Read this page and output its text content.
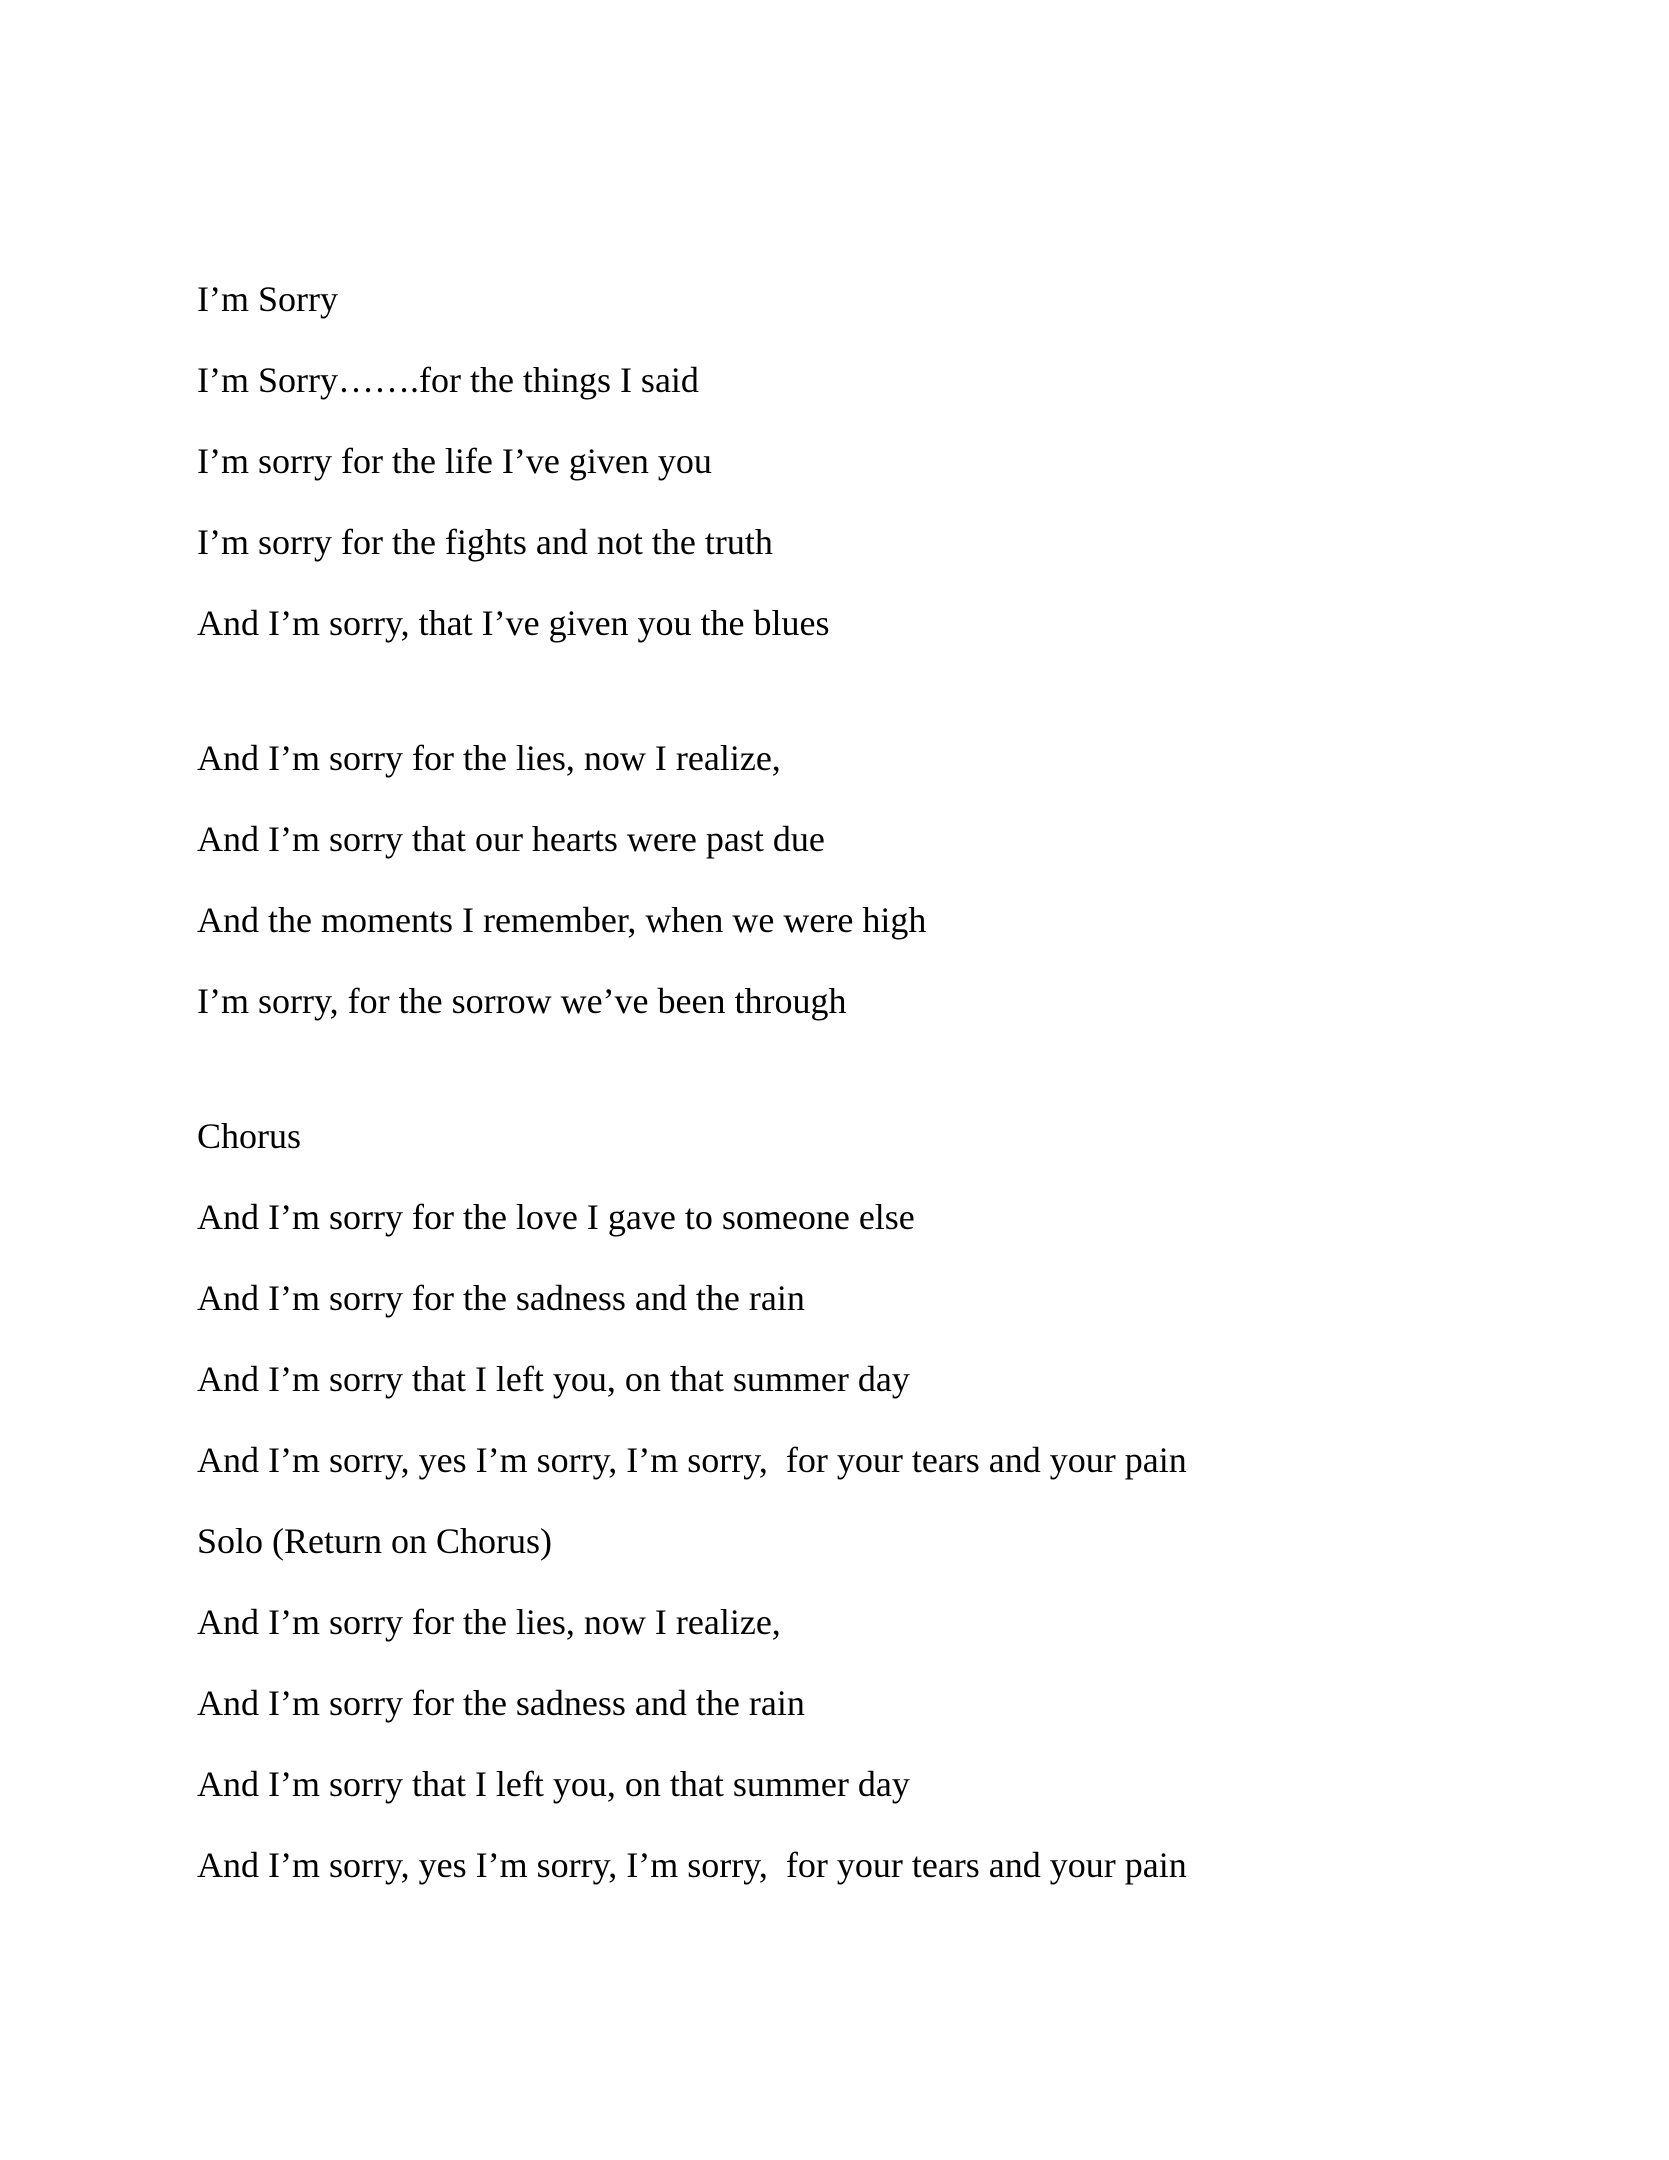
I’m Sorry

I’m Sorry…….for the things I said

I’m sorry for the life I’ve given you

I’m sorry for the fights and not the truth

And I’m sorry, that I’ve given you the blues

And I’m sorry for the lies, now I realize,

And I’m sorry that our hearts were past due

And the moments I remember, when we were high

I’m sorry, for the sorrow we’ve been through

Chorus

And I’m sorry for the love I gave to someone else

And I’m sorry for the sadness and the rain

And I’m sorry that I left you, on that summer day

And I’m sorry, yes I’m sorry, I’m sorry,  for your tears and your pain

Solo (Return on Chorus)

And I’m sorry for the lies, now I realize,

And I’m sorry for the sadness and the rain

And I’m sorry that I left you, on that summer day

And I’m sorry, yes I’m sorry, I’m sorry,  for your tears and your pain
